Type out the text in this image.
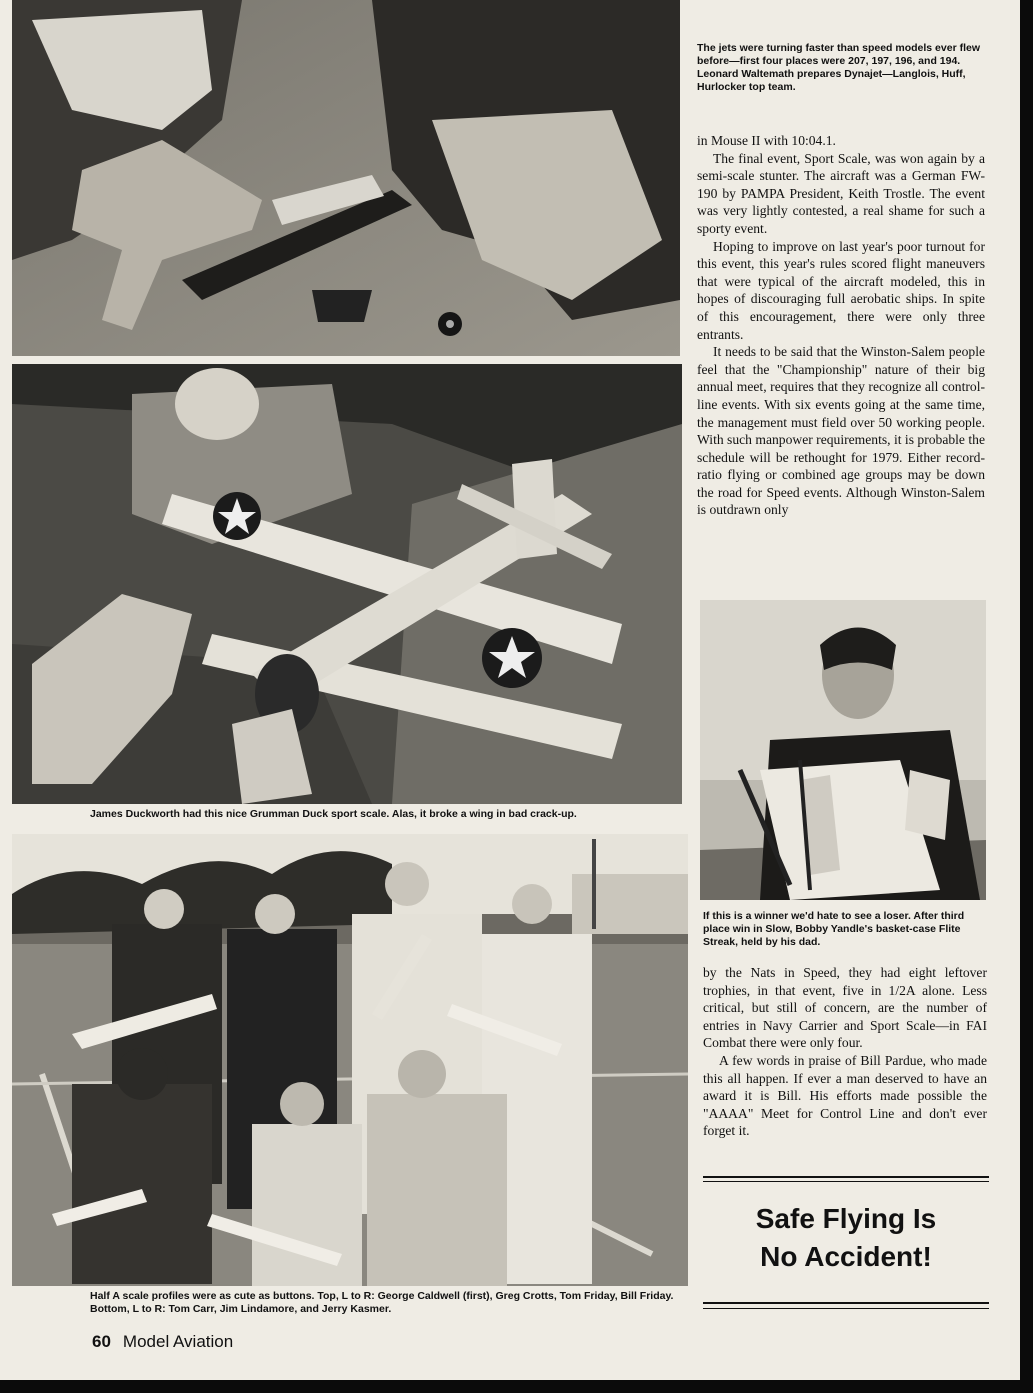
The jets were turning faster than speed models ever flew before—first four places were 207, 197, 196, and 194. Leonard Waltemath prepares Dynajet—Langlois, Huff, Hurlocker top team.
James Duckworth had this nice Grumman Duck sport scale. Alas, it broke a wing in bad crack-up.
Half A scale profiles were as cute as buttons. Top, L to R: George Caldwell (first), Greg Crotts, Tom Friday, Bill Friday. Bottom, L to R: Tom Carr, Jim Lindamore, and Jerry Kasmer.

in Mouse II with 10:04.1.

The final event, Sport Scale, was won again by a semi-scale stunter. The aircraft was a German FW-190 by PAMPA President, Keith Trostle. The event was very lightly contested, a real shame for such a sporty event.

Hoping to improve on last year's poor turnout for this event, this year's rules scored flight maneuvers that were typical of the aircraft modeled, this in hopes of discouraging full aerobatic ships. In spite of this encouragement, there were only three entrants.

It needs to be said that the Winston-Salem people feel that the "Championship" nature of their big annual meet, requires that they recognize all control-line events. With six events going at the same time, the management must field over 50 working people. With such manpower requirements, it is probable the schedule will be rethought for 1979. Either record-ratio flying or combined age groups may be down the road for Speed events. Although Winston-Salem is outdrawn only

If this is a winner we'd hate to see a loser. After third place win in Slow, Bobby Yandle's basket-case Flite Streak, held by his dad.

by the Nats in Speed, they had eight leftover trophies, in that event, five in 1/2A alone. Less critical, but still of concern, are the number of entries in Navy Carrier and Sport Scale—in FAI Combat there were only four.

A few words in praise of Bill Pardue, who made this all happen. If ever a man deserved to have an award it is Bill. His efforts made possible the "AAAA" Meet for Control Line and don't ever forget it.

Safe Flying Is
No Accident!
60 Model Aviation
